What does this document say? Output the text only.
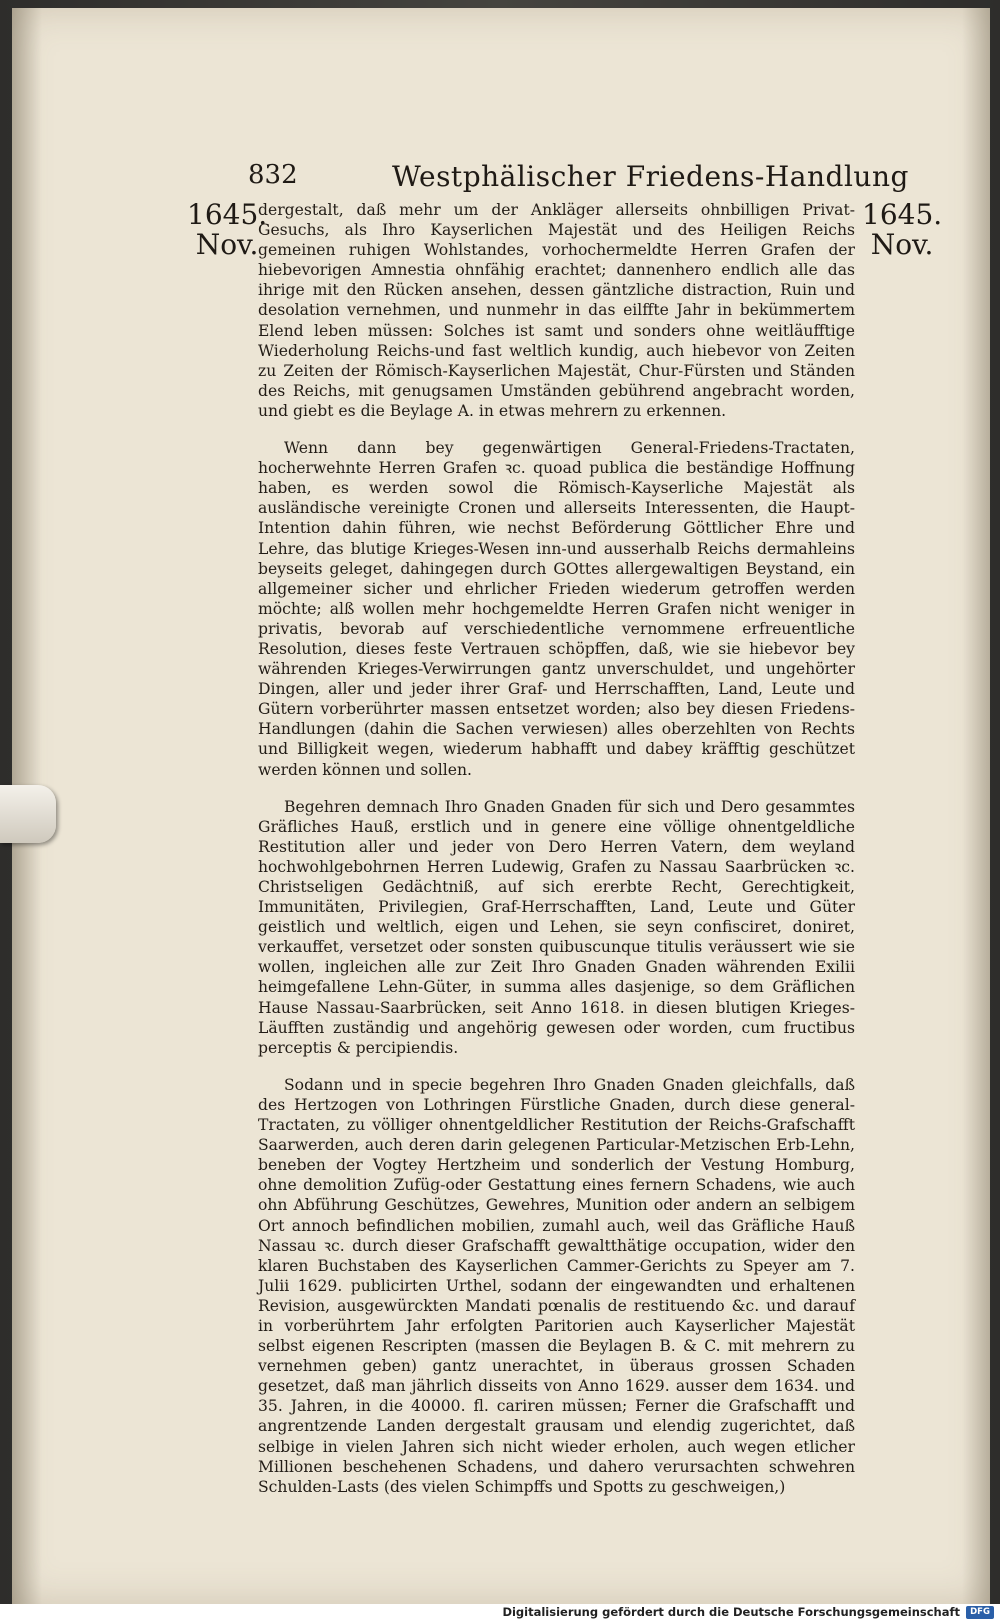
832	Westphälischer Friedens-Handlung
1645.
Nov.
1645.
Nov.

dergestalt, daß mehr um der Ankläger allerseits ohnbilligen Privat-Gesuchs, als Ihro Kayserlichen Majestät und des Heiligen Reichs gemeinen ruhigen Wohlstandes, vorhochermeldte Herren Grafen der hiebevorigen Amnestia ohnfähig erachtet; dannenhero endlich alle das ihrige mit den Rücken ansehen, dessen gäntzliche distraction, Ruin und desolation vernehmen, und nunmehr in das eilffte Jahr in bekümmertem Elend leben müssen: Solches ist samt und sonders ohne weitläufftige Wiederholung Reichs-und fast weltlich kundig, auch hiebevor von Zeiten zu Zeiten der Römisch-Kayserlichen Majestät, Chur-Fürsten und Ständen des Reichs, mit genugsamen Umständen gebührend angebracht worden, und giebt es die Beylage A. in etwas mehrern zu erkennen.

Wenn dann bey gegenwärtigen General-Friedens-Tractaten, hocherwehnte Herren Grafen ꝛc. quoad publica die beständige Hoffnung haben, es werden sowol die Römisch-Kayserliche Majestät als ausländische vereinigte Cronen und allerseits Interessenten, die Haupt-Intention dahin führen, wie nechst Beförderung Göttlicher Ehre und Lehre, das blutige Krieges-Wesen inn-und ausserhalb Reichs dermahleins beyseits geleget, dahingegen durch GOttes allergewaltigen Beystand, ein allgemeiner sicher und ehrlicher Frieden wiederum getroffen werden möchte; alß wollen mehr hochgemeldte Herren Grafen nicht weniger in privatis, bevorab auf verschiedentliche vernommene erfreuentliche Resolution, dieses feste Vertrauen schöpffen, daß, wie sie hiebevor bey währenden Krieges-Verwirrungen gantz unverschuldet, und ungehörter Dingen, aller und jeder ihrer Graf- und Herrschafften, Land, Leute und Gütern vorberührter massen entsetzet worden; also bey diesen Friedens-Handlungen (dahin die Sachen verwiesen) alles oberzehlten von Rechts und Billigkeit wegen, wiederum habhafft und dabey kräfftig geschützet werden können und sollen.

Begehren demnach Ihro Gnaden Gnaden für sich und Dero gesammtes Gräfliches Hauß, erstlich und in genere eine völlige ohnentgeldliche Restitution aller und jeder von Dero Herren Vatern, dem weyland hochwohlgebohrnen Herren Ludewig, Grafen zu Nassau Saarbrücken ꝛc. Christseligen Gedächtniß, auf sich ererbte Recht, Gerechtigkeit, Immunitäten, Privilegien, Graf-Herrschafften, Land, Leute und Güter geistlich und weltlich, eigen und Lehen, sie seyn confisciret, doniret, verkauffet, versetzet oder sonsten quibuscunque titulis veräussert wie sie wollen, ingleichen alle zur Zeit Ihro Gnaden Gnaden währenden Exilii heimgefallene Lehn-Güter, in summa alles dasjenige, so dem Gräflichen Hause Nassau-Saarbrücken, seit Anno 1618. in diesen blutigen Krieges-Läufften zuständig und angehörig gewesen oder worden, cum fructibus perceptis & percipiendis.

Sodann und in specie begehren Ihro Gnaden Gnaden gleichfalls, daß des Hertzogen von Lothringen Fürstliche Gnaden, durch diese general-Tractaten, zu völliger ohnentgeldlicher Restitution der Reichs-Grafschafft Saarwerden, auch deren darin gelegenen Particular-Metzischen Erb-Lehn, beneben der Vogtey Hertzheim und sonderlich der Vestung Homburg, ohne demolition Zufüg-oder Gestattung eines fernern Schadens, wie auch ohn Abführung Geschützes, Gewehres, Munition oder andern an selbigem Ort annoch befindlichen mobilien, zumahl auch, weil das Gräfliche Hauß Nassau ꝛc. durch dieser Grafschafft gewaltthätige occupation, wider den klaren Buchstaben des Kayserlichen Cammer-Gerichts zu Speyer am 7. Julii 1629. publicirten Urthel, sodann der eingewandten und erhaltenen Revision, ausgewürckten Mandati pœnalis de restituendo &c. und darauf in vorberührtem Jahr erfolgten Paritorien auch Kayserlicher Majestät selbst eigenen Rescripten (massen die Beylagen B. & C. mit mehrern zu vernehmen geben) gantz unerachtet, in überaus grossen Schaden gesetzet, daß man jährlich disseits von Anno 1629. ausser dem 1634. und 35. Jahren, in die 40000. fl. cariren müssen; Ferner die Grafschafft und angrentzende Landen dergestalt grausam und elendig zugerichtet, daß selbige in vielen Jahren sich nicht wieder erholen, auch wegen etlicher Millionen beschehenen Schadens, und dahero verursachten schwehren Schulden-Lasts (des vielen Schimpffs und Spotts zu geschweigen,)

Digitalisierung gefördert durch die Deutsche Forschungsgemeinschaft	DFG
